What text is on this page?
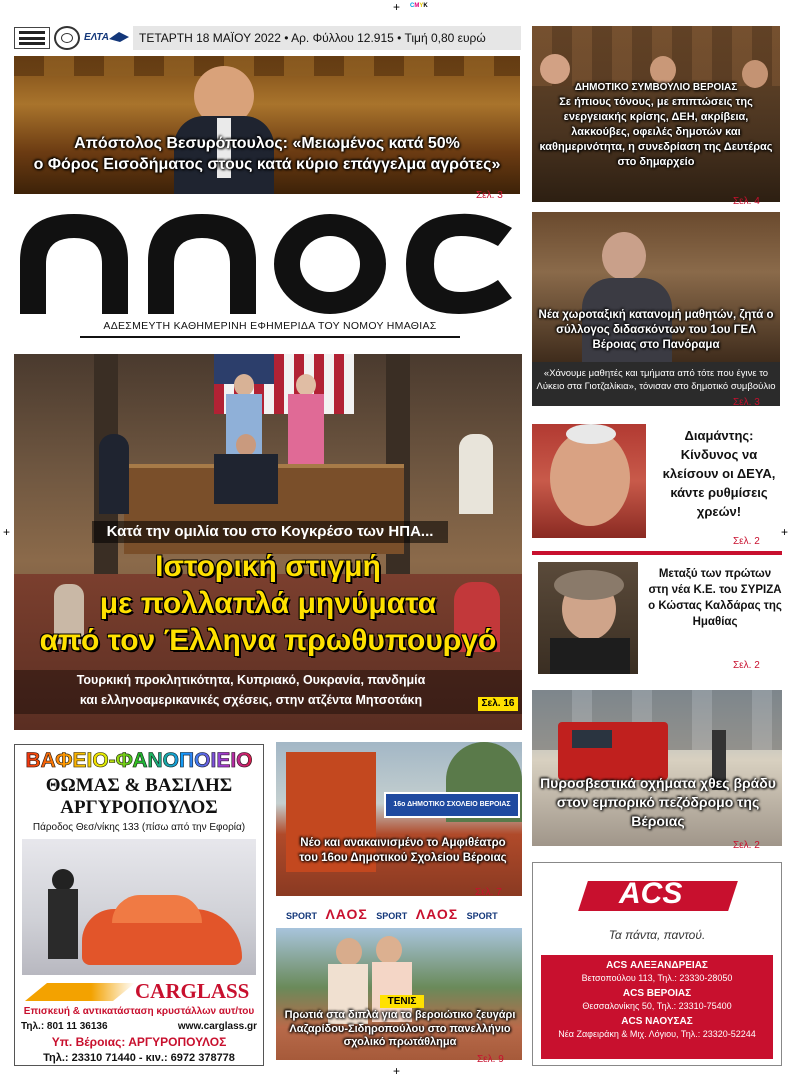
+ CMYK
+	+
+
ΕΛΤΑ	ΤΕΤΑΡΤΗ 18 ΜΑΪΟΥ 2022 • Αρ. Φύλλου 12.915 • Τιμή 0,80 ευρώ
Απόστολος Βεσυρόπουλος: «Μειωμένος κατά 50%
ο Φόρος Εισοδήματος στους κατά κύριο επάγγελμα αγρότες»
Σελ. 3
ΑΔΕΣΜΕΥΤΗ ΚΑΘΗΜΕΡΙΝΗ ΕΦΗΜΕΡΙΔΑ ΤΟΥ ΝΟΜΟΥ ΗΜΑΘΙΑΣ
ΔΗΜΟΤΙΚΟ ΣΥΜΒΟΥΛΙΟ ΒΕΡΟΙΑΣ
Σε ήπιους τόνους, με επιπτώσεις της ενεργειακής κρίσης, ΔΕΗ, ακρίβεια, λακκούβες, οφειλές δημοτών και καθημερινότητα, η συνεδρίαση της Δευτέρας στο δημαρχείο
Σελ. 4
Νέα χωροταξική κατανομή μαθητών, ζητά ο σύλλογος διδασκόντων του 1ου ΓΕΛ Βέροιας στο Πανόραμα
«Χάνουμε μαθητές και τμήματα από τότε που έγινε το Λύκειο στα Γιοτζαλίκια», τόνισαν στο δημοτικό συμβούλιο
Σελ. 3
Κατά την ομιλία του στο Κογκρέσο των ΗΠΑ...
Ιστορική στιγμή
με πολλαπλά μηνύματα
από τον Έλληνα πρωθυπουργό
Τουρκική προκλητικότητα, Κυπριακό, Ουκρανία, πανδημία
και ελληνοαμερικανικές σχέσεις, στην ατζέντα Μητσοτάκη	Σελ. 16
Διαμάντης: Κίνδυνος να κλείσουν οι ΔΕΥΑ, κάντε ρυθμίσεις χρεών!
Σελ. 2
Μεταξύ των πρώτων στη νέα Κ.Ε. του ΣΥΡΙΖΑ ο Κώστας Καλδάρας της Ημαθίας
Σελ. 2
Πυροσβεστικά οχήματα χθες βράδυ στον εμπορικό πεζόδρομο της Βέροιας
Σελ. 2
16ο ΔΗΜΟΤΙΚΟ ΣΧΟΛΕΙΟ ΒΕΡΟΙΑΣ
Νέο και ανακαινισμένο το Αμφιθέατρο του 16ου Δημοτικού Σχολείου Βέροιας
Σελ. 7
SPORT ΛΑΟΣ SPORT ΛΑΟΣ SPORT
ΤΕΝΙΣ
Πρωτιά στα διπλά για το βεροιώτικο ζευγάρι Λαζαρίδου-Σιδηροπούλου στο πανελλήνιο σχολικό πρωτάθλημα
Σελ. 9
ΒΑΦΕΙΟ-ΦΑΝΟΠΟΙΕΙΟ
ΘΩΜΑΣ & ΒΑΣΙΛΗΣ
ΑΡΓΥΡΟΠΟΥΛΟΣ
Πάροδος Θεσ/νίκης 133 (πίσω από την Εφορία)
CARGLASS
Επισκευή & αντικατάσταση κρυστάλλων αυτ/του
Τηλ.: 801 11 36136	www.carglass.gr
Υπ. Βέροιας: ΑΡΓΥΡΟΠΟΥΛΟΣ
Τηλ.: 23310 71440 - κιν.: 6972 378778
ACS
Τα πάντα, παντού.
ACS ΑΛΕΞΑΝΔΡΕΙΑΣ
Βετσοπούλου 113, Τηλ.: 23330-28050
ACS ΒΕΡΟΙΑΣ
Θεσσαλονίκης 50, Τηλ.: 23310-75400
ACS ΝΑΟΥΣΑΣ
Νέα Ζαφειράκη & Μιχ. Λόγιου, Τηλ.: 23320-52244
